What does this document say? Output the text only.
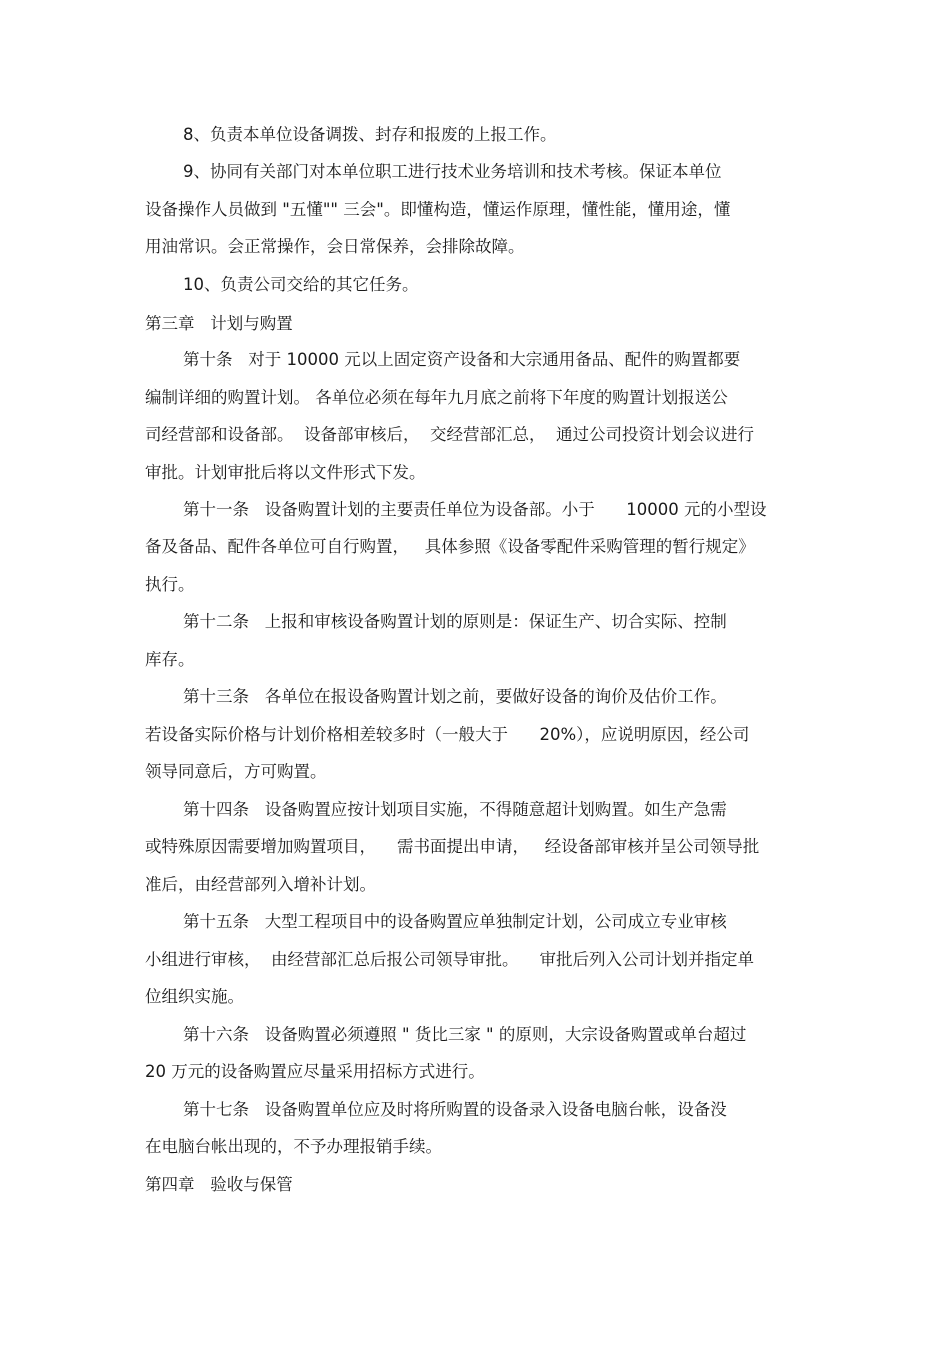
8、负责本单位设备调拨、封存和报废的上报工作。
9、协同有关部门对本单位职工进行技术业务培训和技术考核。保证本单位
设备操作人员做到 "五懂"" 三会"。即懂构造，懂运作原理，懂性能，懂用途，懂
用油常识。会正常操作，会日常保养，会排除故障。
10、负责公司交给的其它任务。
第三章   计划与购置
第十条   对于 10000 元以上固定资产设备和大宗通用备品、配件的购置都要
编制详细的购置计划。 各单位必须在每年九月底之前将下年度的购置计划报送公
司经营部和设备部。  设备部审核后，  交经营部汇总，  通过公司投资计划会议进行
审批。计划审批后将以文件形式下发。
第十一条   设备购置计划的主要责任单位为设备部。小于      10000 元的小型设
备及备品、配件各单位可自行购置，   具体参照《设备零配件采购管理的暂行规定》
执行。
第十二条   上报和审核设备购置计划的原则是：保证生产、切合实际、控制
库存。
第十三条   各单位在报设备购置计划之前，要做好设备的询价及估价工作。
若设备实际价格与计划价格相差较多时（一般大于      20%），应说明原因，经公司
领导同意后，方可购置。
第十四条   设备购置应按计划项目实施，不得随意超计划购置。如生产急需
或特殊原因需要增加购置项目，    需书面提出申请，   经设备部审核并呈公司领导批
准后，由经营部列入增补计划。
第十五条   大型工程项目中的设备购置应单独制定计划，公司成立专业审核
小组进行审核，  由经营部汇总后报公司领导审批。    审批后列入公司计划并指定单
位组织实施。
第十六条   设备购置必须遵照 " 货比三家 " 的原则，大宗设备购置或单台超过
20 万元的设备购置应尽量采用招标方式进行。
第十七条   设备购置单位应及时将所购置的设备录入设备电脑台帐，设备没
在电脑台帐出现的，不予办理报销手续。
第四章   验收与保管
